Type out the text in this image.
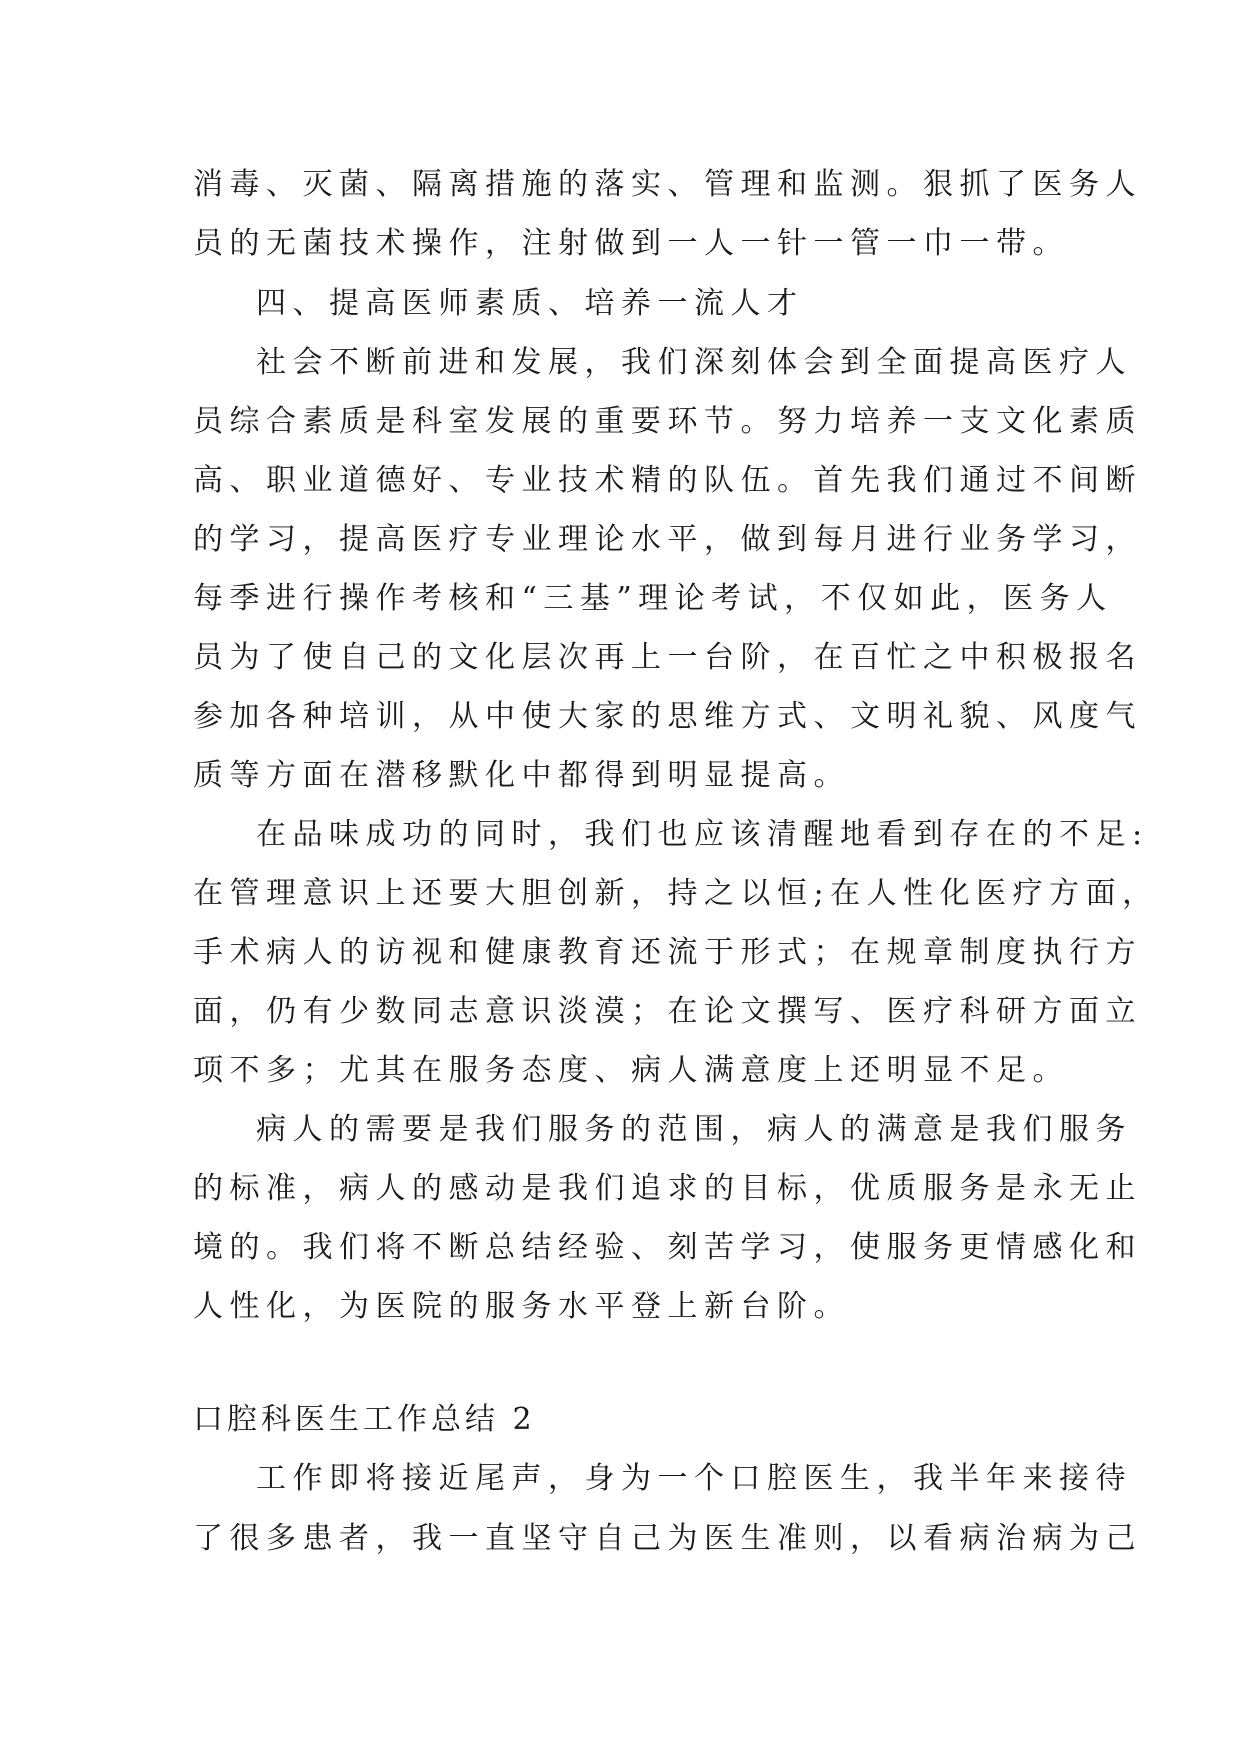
消毒、灭菌、隔离措施的落实、管理和监测。狠抓了医务人
员的无菌技术操作，注射做到一人一针一管一巾一带。
四、提高医师素质、培养一流人才
社会不断前进和发展，我们深刻体会到全面提高医疗人
员综合素质是科室发展的重要环节。努力培养一支文化素质
高、职业道德好、专业技术精的队伍。首先我们通过不间断
的学习，提高医疗专业理论水平，做到每月进行业务学习，
每季进行操作考核和“三基”理论考试，不仅如此，医务人
员为了使自己的文化层次再上一台阶，在百忙之中积极报名
参加各种培训，从中使大家的思维方式、文明礼貌、风度气
质等方面在潜移默化中都得到明显提高。
在品味成功的同时，我们也应该清醒地看到存在的不足:
在管理意识上还要大胆创新，持之以恒;在人性化医疗方面，
手术病人的访视和健康教育还流于形式；在规章制度执行方
面，仍有少数同志意识淡漠；在论文撰写、医疗科研方面立
项不多；尤其在服务态度、病人满意度上还明显不足。
病人的需要是我们服务的范围，病人的满意是我们服务
的标准，病人的感动是我们追求的目标，优质服务是永无止
境的。我们将不断总结经验、刻苦学习，使服务更情感化和
人性化，为医院的服务水平登上新台阶。
口腔科医生工作总结 2
工作即将接近尾声，身为一个口腔医生，我半年来接待
了很多患者，我一直坚守自己为医生准则，以看病治病为己
